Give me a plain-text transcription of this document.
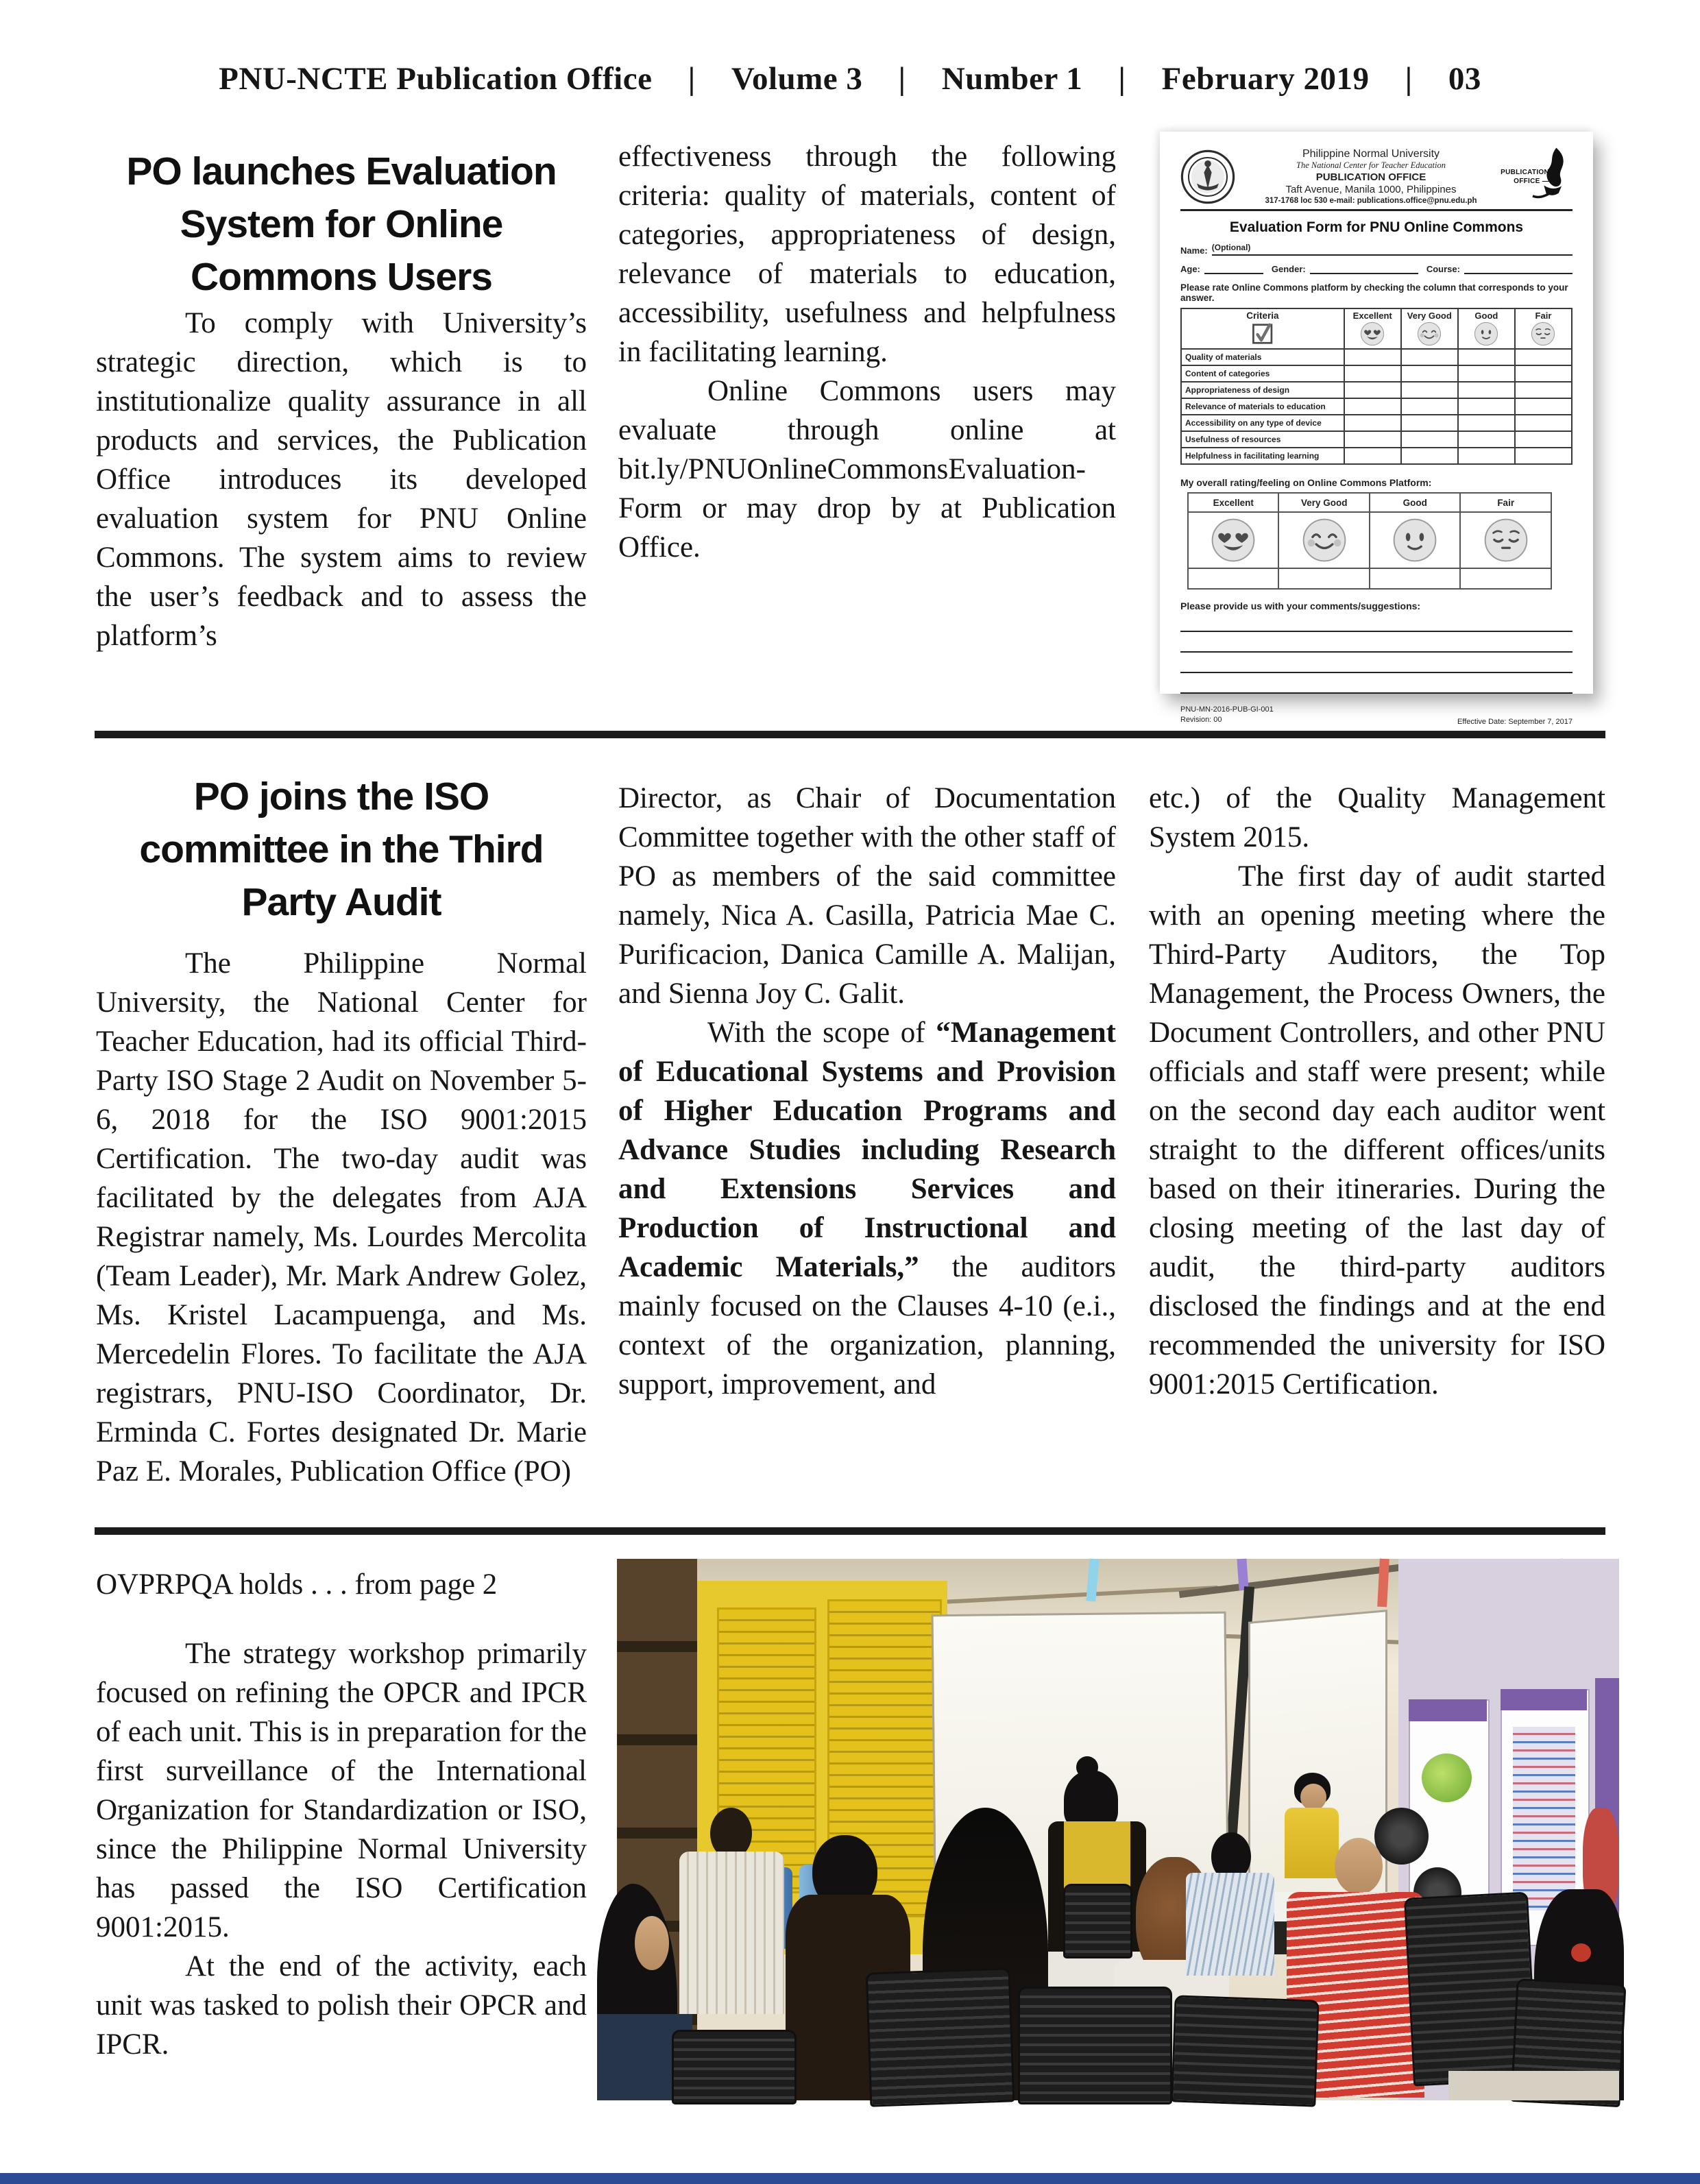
PNU-NCTE Publication Office | Volume 3 | Number 1 | February 2019 | 03
PO launches Evaluation System for Online Commons Users

To comply with University’s strategic direction, which is to institutionalize quality assurance in all products and services, the Publication Office introduces its developed evaluation system for PNU Online Commons. The system aims to review the user’s feedback and to assess the platform’s

effectiveness through the following criteria: quality of materials, content of categories, appropriateness of design, relevance of materials to education, accessibility, usefulness and helpfulness in facilitating learning.

Online Commons users may evaluate through online at bit.ly/PNUOnlineCommonsEvaluation-Form or may drop by at Publication Office.

Philippine Normal University
The National Center for Teacher Education
PUBLICATION OFFICE
Taft Avenue, Manila 1000, Philippines
317-1768 loc 530 e-mail: publications.office@pnu.edu.ph
PUBLICATION
OFFICE —
Evaluation Form for PNU Online Commons
Name: (Optional)
Age:	Gender:	Course:
Please rate Online Commons platform by checking the column that corresponds to your answer.
Criteria	Excellent	Very Good	Good	Fair

Quality of materials				
Content of categories				
Appropriateness of design				
Relevance of materials to education				
Accessibility on any type of device				
Usefulness of resources				
Helpfulness in facilitating learning				
My overall rating/feeling on Online Commons Platform:
Excellent	Very Good	Good	Fair

Please provide us with your comments/suggestions:
PNU-MN-2016-PUB-GI-001
Revision: 00	Effective Date: September 7, 2017
PO joins the ISO committee in the Third Party Audit

The Philippine Normal University, the National Center for Teacher Education, had its official Third-Party ISO Stage 2 Audit on November 5-6, 2018 for the ISO 9001:2015 Certification. The two-day audit was facilitated by the delegates from AJA Registrar namely, Ms. Lourdes Mercolita (Team Leader), Mr. Mark Andrew Golez, Ms. Kristel Lacampuenga, and Ms. Mercedelin Flores. To facilitate the AJA registrars, PNU-ISO Coordinator, Dr. Erminda C. Fortes designated Dr. Marie Paz E. Morales, Publication Office (PO)

Director, as Chair of Documentation Committee together with the other staff of PO as members of the said committee namely, Nica A. Casilla, Patricia Mae C. Purificacion, Danica Camille A. Malijan, and Sienna Joy C. Galit.

With the scope of “Management of Educational Systems and Provision of Higher Education Programs and Advance Studies including Research and Extensions Services and Production of Instructional and Academic Materials,” the auditors mainly focused on the Clauses 4-10 (e.i., context of the organization, planning, support, improvement, and

etc.) of the Quality Management System 2015.

The first day of audit started with an opening meeting where the Third-Party Auditors, the Top Management, the Process Owners, the Document Controllers, and other PNU officials and staff were present; while on the second day each auditor went straight to the different offices/units based on their itineraries. During the closing meeting of the last day of audit, the third-party auditors disclosed the findings and at the end recommended the university for ISO 9001:2015 Certification.

OVPRPQA holds . . . from page 2

The strategy workshop primarily focused on refining the OPCR and IPCR of each unit. This is in preparation for the first surveillance of the International Organization for Standardization or ISO, since the Philippine Normal University has passed the ISO Certification 9001:2015.

At the end of the activity, each unit was tasked to polish their OPCR and IPCR.
